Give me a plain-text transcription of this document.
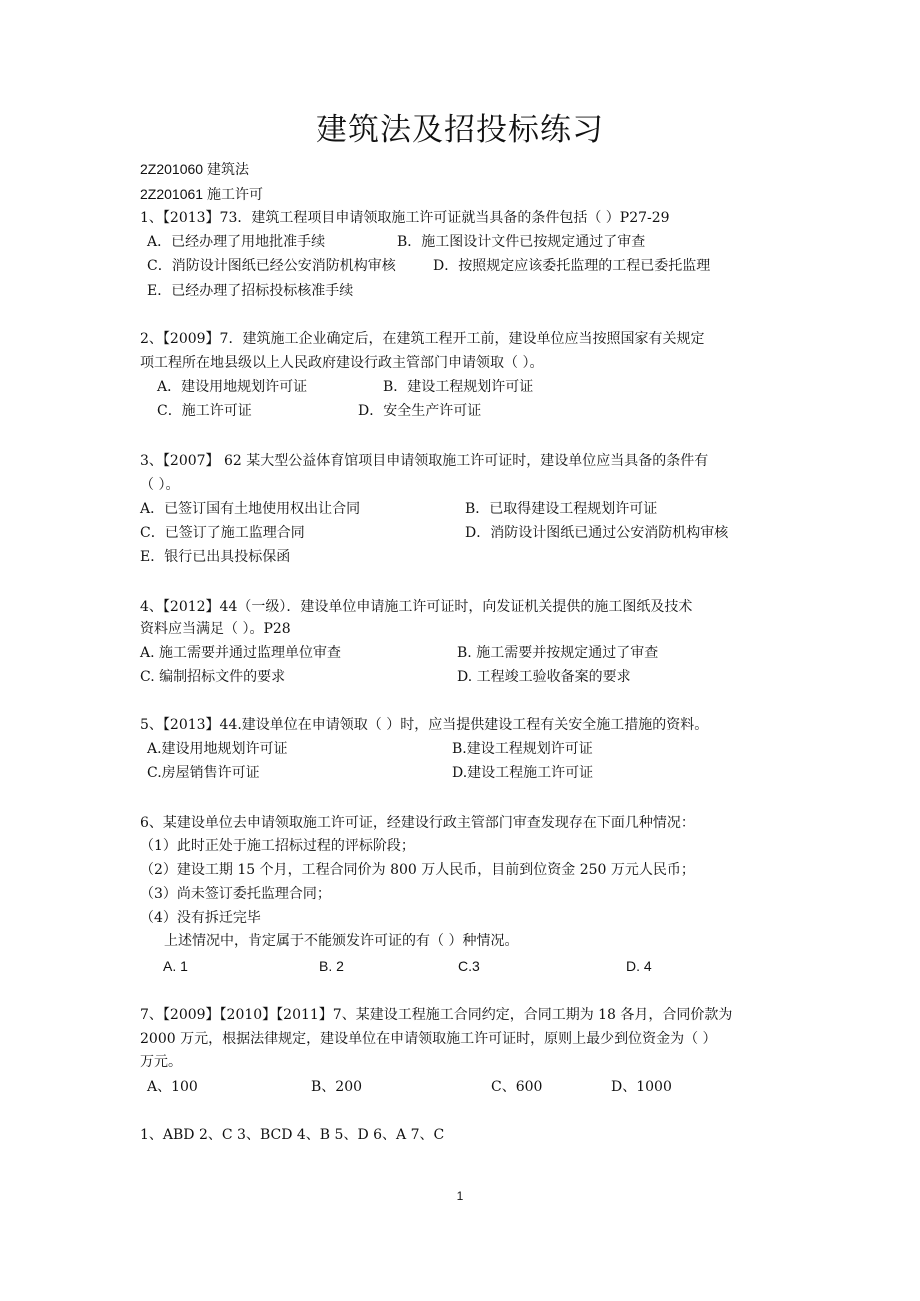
建筑法及招投标练习
2Z201060 建筑法
2Z201061 施工许可
1、【2013】73．建筑工程项目申请领取施工许可证就当具备的条件包括（ ）P27-29
A．已经办理了用地批准手续	B．施工图设计文件已按规定通过了审查
C．消防设计图纸已经公安消防机构审核	D．按照规定应该委托监理的工程已委托监理
E．已经办理了招标投标核准手续
2、【2009】7．建筑施工企业确定后，在建筑工程开工前，建设单位应当按照国家有关规定
项工程所在地县级以上人民政府建设行政主管部门申请领取（ ）。
A．建设用地规划许可证	B．建设工程规划许可证
C．施工许可证	D．安全生产许可证
3、【2007】 62 某大型公益体育馆项目申请领取施工许可证时，建设单位应当具备的条件有
（ ）。
A．已签订国有土地使用权出让合同	B．已取得建设工程规划许可证
C．已签订了施工监理合同	D．消防设计图纸已通过公安消防机构审核
E．银行已出具投标保函
4、【2012】44（一级）．建设单位申请施工许可证时，向发证机关提供的施工图纸及技术
资料应当满足（ ）。P28
A. 施工需要并通过监理单位审查	B. 施工需要并按规定通过了审查
C. 编制招标文件的要求	D. 工程竣工验收备案的要求
5、【2013】44.建设单位在申请领取（ ）时，应当提供建设工程有关安全施工措施的资料。
A.建设用地规划许可证	B.建设工程规划许可证
C.房屋销售许可证	D.建设工程施工许可证
6、某建设单位去申请领取施工许可证，经建设行政主管部门审查发现存在下面几种情况：
（1）此时正处于施工招标过程的评标阶段；
（2）建设工期 15 个月，工程合同价为 800 万人民币，目前到位资金 250 万元人民币；
（3）尚未签订委托监理合同；
（4）没有拆迁完毕
上述情况中，肯定属于不能颁发许可证的有（ ）种情况。
A. 1	B. 2	C.3	D. 4
7、【2009】【2010】【2011】7、某建设工程施工合同约定，合同工期为 18 各月，合同价款为
2000 万元，根据法律规定，建设单位在申请领取施工许可证时，原则上最少到位资金为（ ）
万元。
A、100	B、200	C、600	D、1000
1、ABD 2、C 3、BCD 4、B 5、D 6、A 7、C
1
